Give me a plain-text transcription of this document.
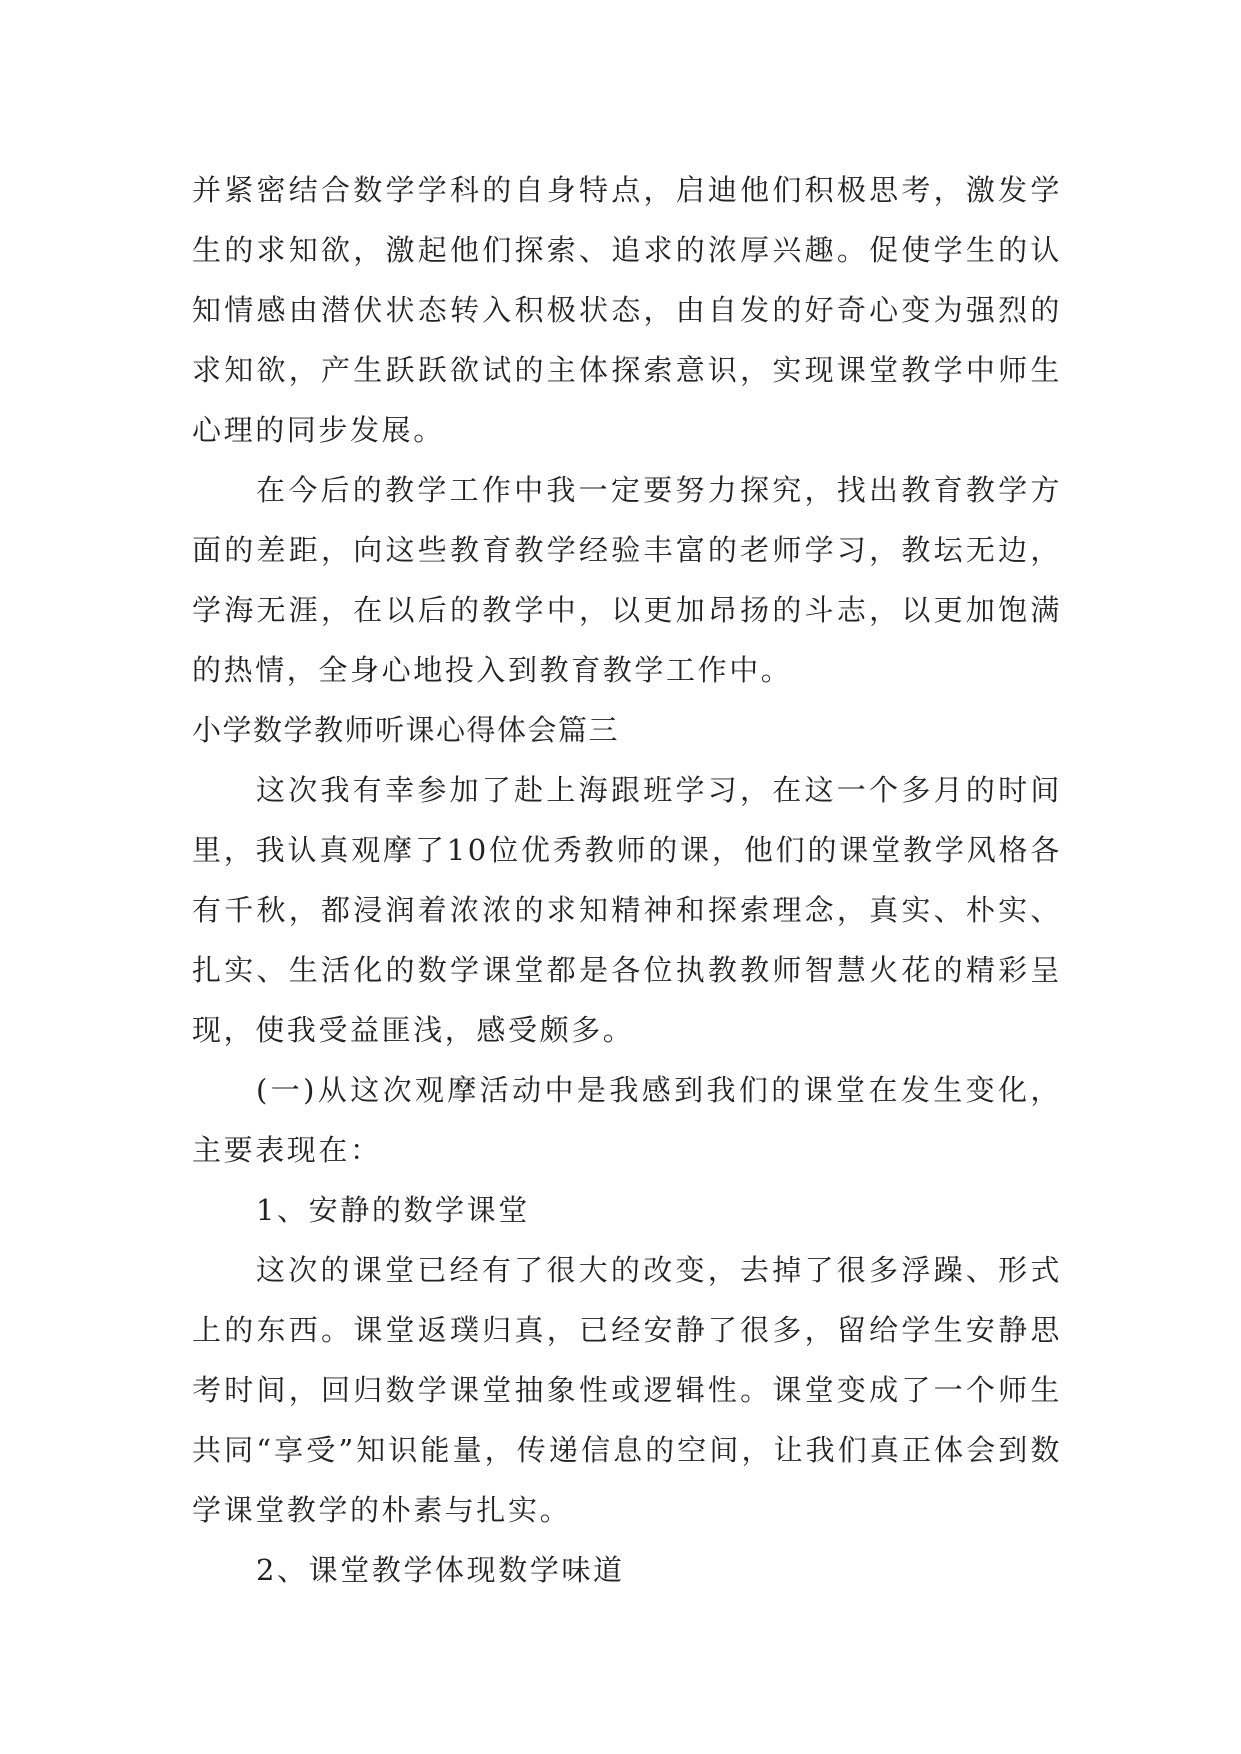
并紧密结合数学学科的自身特点，启迪他们积极思考，激发学生的求知欲，激起他们探索、追求的浓厚兴趣。促使学生的认知情感由潜伏状态转入积极状态，由自发的好奇心变为强烈的求知欲，产生跃跃欲试的主体探索意识，实现课堂教学中师生心理的同步发展。

在今后的教学工作中我一定要努力探究，找出教育教学方面的差距，向这些教育教学经验丰富的老师学习，教坛无边，学海无涯，在以后的教学中，以更加昂扬的斗志，以更加饱满的热情，全身心地投入到教育教学工作中。

小学数学教师听课心得体会篇三

这次我有幸参加了赴上海跟班学习，在这一个多月的时间里，我认真观摩了10位优秀教师的课，他们的课堂教学风格各有千秋，都浸润着浓浓的求知精神和探索理念，真实、朴实、扎实、生活化的数学课堂都是各位执教教师智慧火花的精彩呈现，使我受益匪浅，感受颇多。

(一)从这次观摩活动中是我感到我们的课堂在发生变化，主要表现在：

1、安静的数学课堂

这次的课堂已经有了很大的改变，去掉了很多浮躁、形式上的东西。课堂返璞归真，已经安静了很多，留给学生安静思考时间，回归数学课堂抽象性或逻辑性。课堂变成了一个师生共同“享受”知识能量，传递信息的空间，让我们真正体会到数学课堂教学的朴素与扎实。

2、课堂教学体现数学味道
